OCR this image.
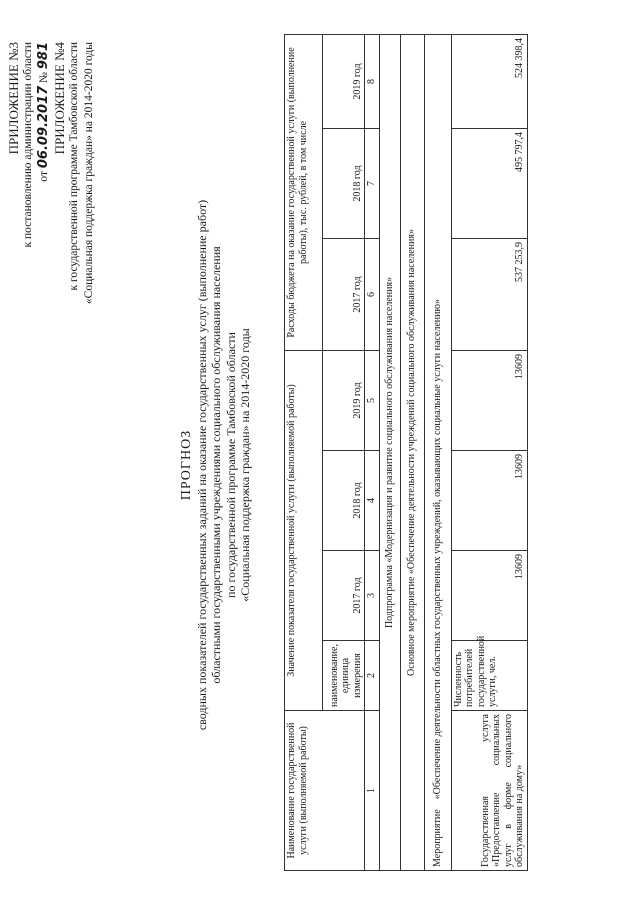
ПРИЛОЖЕНИЕ №3 к постановлению администрации области от 06.09.2017 № 981 ПРИЛОЖЕНИЕ №4 к государственной программе Тамбовской области «Социальная поддержка граждан» на 2014-2020 годы
ПРОГНОЗ сводных показателей государственных заданий на оказание государственных услуг (выполнение работ) областными государственными учреждениями социального обслуживания населения по государственной программе Тамбовской области «Социальная поддержка граждан» на 2014-2020 годы
Наименование государственной услуги (выполняемой работы)	Значение показателя государственной услуги (выполняемой работы)				Расходы бюджета на оказание государственной услуги (выполнение работы), тыс. рублей, в том числе		
	наименование, единица измерения	2017 год	2018 год	2019 год	2017 год	2018 год	2019 год
1	2	3	4	5	6	7	8
Подпрограмма «Модернизация и развитие социального обслуживания населения»							
Основное мероприятие «Обеспечение деятельности учреждений социального обслуживания населения»							
Мероприятие    «Обеспечение деятельности областных государственных учреждений, оказывающих социальные услуги населению»							
Государственная услуга «Предоставление социальных услуг в форме социального обслуживания на дому»	Численность потребителей государственной услуги, чел.	13609	13609	13609	537 253,9	495 797,4	524 398,4
